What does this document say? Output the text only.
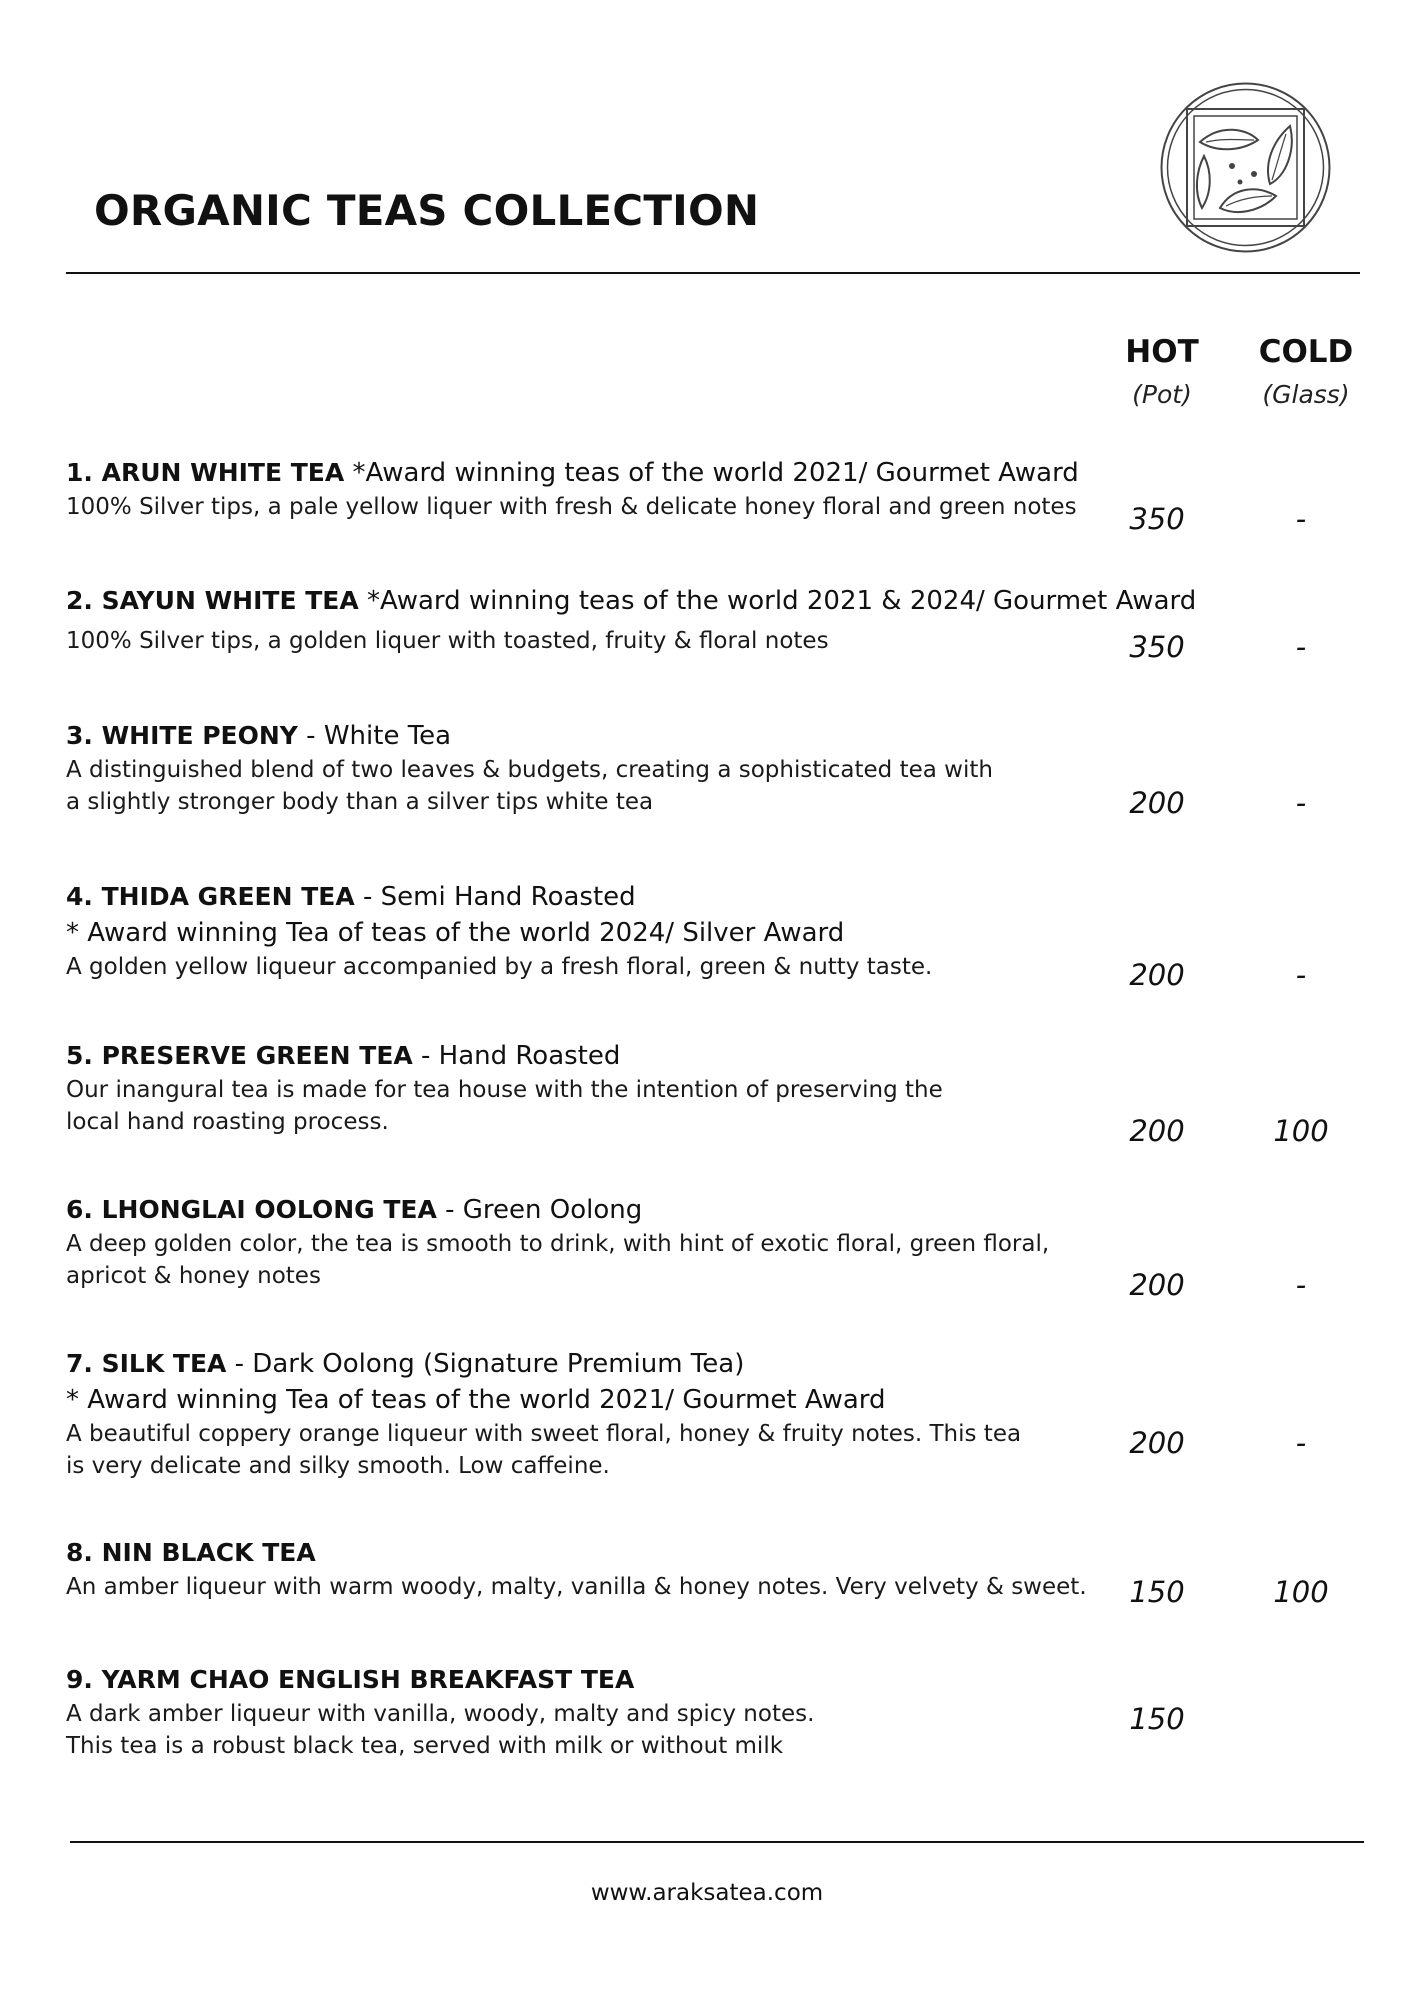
ORGANIC TEAS COLLECTION
HOT
(Pot)
COLD
(Glass)
1. ARUN WHITE TEA *Award winning teas of the world 2021/ Gourmet Award
100% Silver tips, a pale yellow liquer with fresh & delicate honey floral and green notes	350	-
2. SAYUN WHITE TEA *Award winning teas of the world 2021 & 2024/ Gourmet Award
100% Silver tips, a golden liquer with toasted, fruity & floral notes	350	-
3. WHITE PEONY - White Tea
A distinguished blend of two leaves & budgets, creating a sophisticated tea with
a slightly stronger body than a silver tips white tea	200	-
4. THIDA GREEN TEA - Semi Hand Roasted
* Award winning Tea of teas of the world 2024/ Silver Award
A golden yellow liqueur accompanied by a fresh floral, green & nutty taste.	200	-
5. PRESERVE GREEN TEA - Hand Roasted
Our inangural tea is made for tea house with the intention of preserving the
local hand roasting process.	200	100
6. LHONGLAI OOLONG TEA - Green Oolong
A deep golden color, the tea is smooth to drink, with hint of exotic floral, green floral,
apricot & honey notes	200	-
7. SILK TEA - Dark Oolong (Signature Premium Tea)
* Award winning Tea of teas of the world 2021/ Gourmet Award
A beautiful coppery orange liqueur with sweet floral, honey & fruity notes. This tea
is very delicate and silky smooth. Low caffeine.
200	-
8. NIN BLACK TEA
An amber liqueur with warm woody, malty, vanilla & honey notes. Very velvety & sweet.	150	100
9. YARM CHAO ENGLISH BREAKFAST TEA
A dark amber liqueur with vanilla, woody, malty and spicy notes.
This tea is a robust black tea, served with milk or without milk
150
www.araksatea.com
